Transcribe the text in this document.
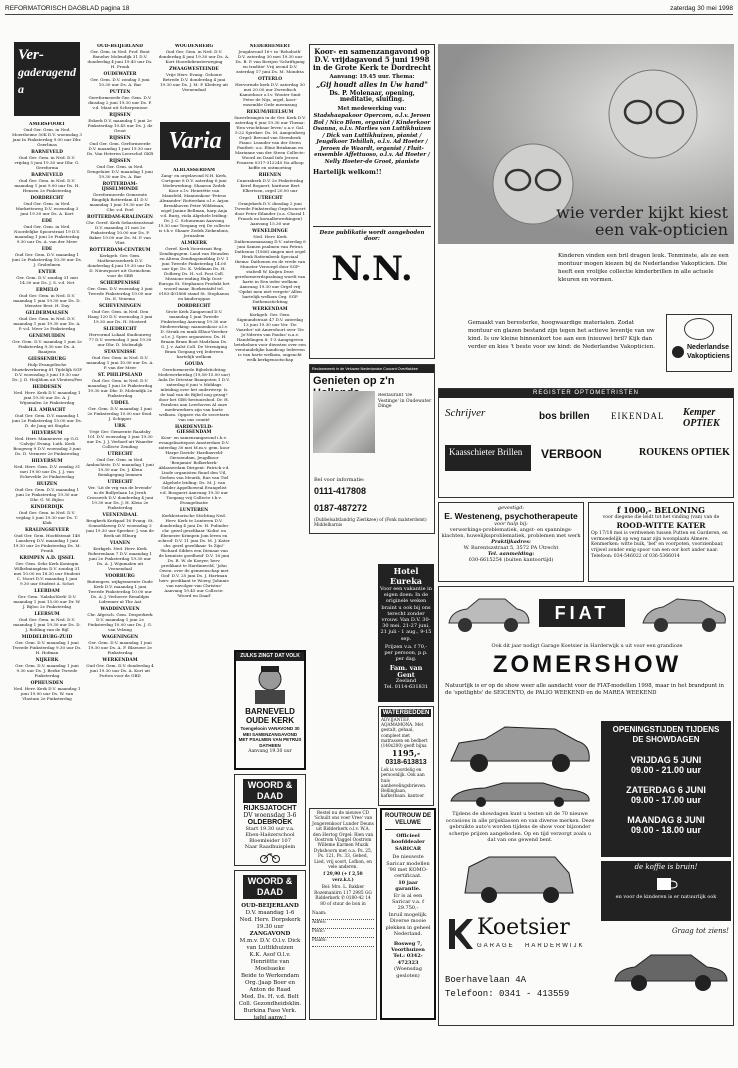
REFORMATORISCH DAGBLAD pagina 18	zaterdag 30 mei 1998
Ver-
gaderagenda
AMERSFOORT
Oud Ger. Gem. in Ned. Moeriheime 50K D.V. woensdag 3 juni In Pinksterdag 9.00 uur Dhr. Geerlinas
BARNEVELD
Oud Ger. Gem. in Ned. D.V. vrijdag 5 juni 19.30 uur Dhr. G. Gereforma
BARNEVELD
Oud Ger. Gem. in Ned. D.V. maandag 1 juni 9.00 uur Ds. H. Hensen 2e Pinksterdag
DORDRECHT
Oud Ger. Gem. in Ned. Markettsweg D.V. woensdag 3 juni 19.30 uur Ds. A. Kort
EDE
Oud Ger. Gem. in Ned. Noordelijke Spoorstraat 19 D.V. maandag 1 juni 2e Pinksterdag 9.30 uur Ds. A. van der Meer
EDE
Oud Ger. Gem. D.V. maandag 1 juni 2e Pinksterdag 10.30 uur Ds. J. Grobelmen
ENTER
Ger. Gem. D.V. zondag 31 mei 14.30 uur Ds. J. S. v.d. Net
ERMELO
Oud Ger. Gem. in Ned. D.V. maandag 1 juni 19.30 uur Ds. D. Menster Best. H. Duy
GELDERMALSEN
Oud Ger. Gem. in Ned. D.V. maandag 1 juni 19.30 uur Ds. A. P. v.d. Meer 2e Pinksterdag
GENEMUIDEN
Ger. Gem. D.V. maandag 1 juni 2e Pinksterdag 9.30 uur Ds. A. Baaijens
GIESSENBURG
Hulp Evangelische Muziekverkering 81 Tijdelijk SGP D.V. woensdag 3 juni 19.30 uur Ds. J. D. Heijblom uit Vleuten/Fen
HEDDESEN
Ned. Herv. Kerk D.V. maandag 1 juni 19.30 uur Ds. A. J. Wijnmalen 2e Pinksterdag
H.I. AMBACHT
Oud Ger. Gem. D.V. maandag 1 juni 2e Pinksterdag 15.00 uur Ds. D. de Jong uit Stapho
HILVERSUM
Ned. Herv. Mannenver. op G.G. 'Calvijn' Evang. Luth. Kerk Boogweg 9 D.V. woensdag 3 juni Ds. D. Vermeer 2e Pinksterdag
HILVERSUM
Ned. Herv. Gem. D.V. zondag 31 mei 19.00 uur Ds. J. J. van Eckevelde 2e Pinksterdag
HUIZEN
Oud Ger. Gem. D.V. maandag 1 juni 2e Pinksterdag 19.30 uur Dhr. G. W. Bijloo
KINDERDIJK
Oud Ger. Gem. in Ned. D.V. vrijdag 5 juni 19.30 uur Ds. T. Klok
KRALINGSEVEER
Oud Ger. Gem. Hoofdstraat 148 Lansberg D.V. maandag 1 juni 19.30 uur 2e Pinksterdag Ds. M. Pronk
KRIMPEN A.D. IJSSEL
Ger. Gem. Sehs Kerk Koningin Wilhelminaplein D.V. zondag 31 mei 10.00 en 18.30 uur Student C. Noort D.V. maandag 1 juni 9.30 uur Student A. Schot
LEERDAM
Ger. Gem. 'Salaba'Kerk' D.V. maandag 1 juni 15.00 uur Dr. W. J. Bijloo 2e Pinksterdag
LEERSUM
Oud Ger. Gem. in Ned. D.V. maandag 1 juni 19.30 uur Ds. D. J. Bolding van de Bijl
MIDDELBURG-ZUID
Ger. Gem. D.V. maandag 1 juni Tweede Pinksterdag 9.30 uur Ds. H. Hofman
NIJKERK
Ger. Gem. D.V. maandag 1 juni 9.30 uur Ds. J. Beeke Tweede Pinksterdag
OPHEUSDEN
Ned. Herv. Kerk D.V. maandag 1 juni 19.00 uur Ds. W. van Vlastum 2e Pinksterdag
OUD-BEIJERLAND
Ger. Gem. in Ned. Prof. Bont Boneluv Molendijk 31 D.V. donderdag 4 juni 19.45 uur Ds. H. Pronk
OUDEWATER
Ger. Gem. D.V. zondag 5 juni 10.30 uur Ds. A. Bar
PUTTEN
Gereformeerde Ger. Gem. D.V. dinsdag 2 juni 19.30 uur Ds. P. v.d. Maat uit Scherpenisse
RIJSSEN
Eskerk D.V. maandag 1 juni 2e Pinksterdag 10.45 uur Ds. J. de Groot
RIJSSEN
Oud Ger. Gem. Gerformeerde D.V. maandag 1 juni 19.30 uur Ds. Van Heteren Leerschol GKR
RIJSSEN
Oud Ger. Gem. in Ned. Dengeluier D.V. maandag 1 juni 19.30 uur Ds. A. Bar
ROTTERDAM-IJSSELMONDE
Gereformeerde Gemeente Ringdijk Rotterdam 41 D.V. maandag 1 juni 19.30 uur Dr. Chr. v.d. Poel
ROTTERDAM-KRALINGEN
Chr. Geref. Kerk Sebastienstraat D.V. maandag 31 mei 2e Pinksterdag 10.00 uur Ds. P. Baker 19.00 uur Ds. M. P. van Vliet
ROTTERDAM-CENTRUM
Kerkgeb. Ger. Gem. Mathenesserkerk D.V. donderdag 4 juni 19.30 uur Ds. D. Nieuwpoort uit Gorinchem voor de SBB
SCHERPENISSE
Ger. Gem. D.V. woensdag 3 juni Tweede Pinksterdag 19.00 uur Ds. E. Venema
SCHEVENINGEN
Oud Ger. Gem. in Ned. Den Haag 120 D.V. woensdag 3 juni 19.30 uur Ds. H. Mosterd
SLIEDRECHT
Hervormd Lokaal Stadionweg 77 D.V. woensdag 3 juni 19.30 uur Dhr. D. Molendijk
STAVENISSE
Oud Ger. Gem. in Ned. D.V. maandag 1 juni 10.00 uur Ds. A. P. van der Meer
ST. PHILIPSLAND
Oud Ger. Gem. in Ned. D.V. maandag 1 juni 2e Pinksterdag 19.30 uur Dhr. D. Molendijk 2e Pinksterdag
UDDEL
Ger. Gem. D.V. maandag 1 juni 2e Pinksterdag 10.00 uur Stud. J. Schipper
URK
Vrije Ger. Gemeente Raadsby 101 D.V. woensdag 3 juni 19.30 uur Ds. J. J. Verhoef uit Waarder Collecte Zending
UTRECHT
Oud Ger. Gem. in Ned. Ambachtstr. D.V. maandag 1 juni 19.30 uur Ds. J. Klein Remkgeging Iemmen
UTRECHT
Ver. 'Lit de vrg van de levende' in de Bullyelaan 1a Jeruh Crossweb D.V. donderdag 4 juni 19.30 uur Ds. J. H. Klein 2e Pinksterdag
VEENENDAAL
Brugkerk Kerkpad 16 Evang. St. Sonneblaweg D.V. woensdag 3 juni 19.30 uur Spreker: J. van de Beek uit Elburg
VIANEN
Kerkgeb. Ned. Herv. Kerk Roberenlaan 7 D.V. maandag 1 juni 2e Pinksterdag 19.30 uur Ds. A. J. Wijnmalen uit Veenendaal
VOORBURG
Buitengew. wijkgemeente Oude Kerk D.V. maandag 1 juni Tweede Pinksterdag 10.00 uur Ds. A. J. Verhoeve Renaldpis Lideemer at The Aat
WADDINXVEEN
Chr. Afgesch. Gem. Desperkerk D.V. maandag 1 juni 2e Pinksterdag 10.00 uur Ds. J. G. van Velzing
WAGENINGEN
Ger. Gem. D.V. maandag 1 juni 19.30 uur Ds. A. F. Blaeuwe 2e Pinksterdag
WERKENDAM
Oud Ger. Gem. D.V. donderdag 4 juni 19.30 uur Ds. A. Kort uit Putten voor de GBD
WOUDENBERG
Oud Ger. Gem. in Ned. D.V. donderdag 4 juni 19.30 uur Ds. A. Kort Hoordidiensterweging
ZWAAGWESTEINDE
Vrije Herv. Evang. Gebouw Betrede D.V. donderdag 4 juni 19.30 uur Ds. J. M. P. Klederg uit Veenendaal
Varia
ALBLASSERDAM
Zang- en orgelavond N.H. Kerk, Cortgene 8 D.V. zaterdag 6 juni Medewerking: Shaaron Zedek Koor o.l.v. Henriëtte van Mansfeld, Mannenkoor 'Petrus Alexander' Rotterdam o.l.v. Arjan Breukhoven Peter Wildeman, orgel Janine Bellman, harp Anja v.d. Burg, viola Algehele leiding: Dr. J. C. Schuurman Aanvang 19.30 uur Toegang vrij De collecte is t.b.v. Shaare Zedek Ziekenhuis, Jeruzalem
ALMKERK
Geref. Kerk Voorstraat Reg. Zendingsgem. Land van Heusden en Altena Zendingsmiddag D.V. 1 juni Tweede Pinksterdag 14.00 uur Spr. Ds. K. Veldman Ds. H. Dolberg Ds. H. v.d. Post Coll. Missions-ending Hulp Oost-Europa St. Stephanos Produkt het woord maar. Boekentafel tel. 0183-401868 stand St. Stephanos en kinderoppas
DORDRECHT
Grote Kerk Zangavond D.V. maandag 1 juni Tweede Pinksterdag Aanvang 19.30 uur Medewerking: mannenkoor o.l.v. D. Struik en mmk Elhuo-Vereber o.l.v. J. Spies organisten: Ds. H. Braam Bram Boot Madrlaan Ds. G. J. v. Aalst Coll. De Vereniging Bram Toegang vrij Iedereen hartelijk welkom
GOUDA
Gereformeerde Bijbelstichting Medewerkerdag (19,58-15.00 uur) Aula De Driestar Baanpoten 1 D.V. zaterdag 6 juni 's Middags inleiding over het onderwerp: Is de taal van de Bijbel nog gezag? door het GBS-bestuursbod. Dr. H. Paraleus aan Leerhoven Al onze medewerkers zijn van harte welkom. Opgave via de secretaris van ons comité
HARDENVELD-GIESSENDAM
Koor- en samenzangavond i.b.v. evangelisatiepost Amsterdam D.V. zaterdag 30 mei M.m.v. gem. koor 'Harpe Davids' Hardinxveld-Giessendam, Jeugdkoor 'Benjamin' Bolkerkerk-Ablasserdam Dirigent: Patrick v.d. Linde organisten Ruud den Uil, Gerben van Meurik, Rue van Tiel Algehele leiding: Ds. M. J. van Gelder Appelhoweal Evangelist v.d. Boogaert Aanvang 19.30 uur Toegang vrij Collecte t.b.v. Evangelisatie
LUNTEREN
Kerkhistorische Stichting Ned. Herv. Kerk te Lunteren D.V. donderdag 4 juni Ds. H. Pulinder chr. gezel gezelikaar 'Kolin! en Ebenezer Krimpen Jom leven en schrod' D.V. 11 juni Ds. M. J. Kater chr. gezel gezelikaar 'Is Zijn!' 'Richard Sibbes een Dienaar van de kenniste goedheid' D.V. 18 juni Ds. R. W. de Koeyer, herv. predikant te Hardinxveld, 'John Owen: over de gemeenschap met God' D.V. 25 juni Ds. J. Hartman herv. predikant te Woerg 'Johnnie van navolger van Christus' Aanvang 19.45 uur Collecte: 'Woord en Daad'
NEDERHEMERT
Jeugdavond 16+ in 'Rehoboth' D.V. zaterdag 30 mei 19.30 uur Ds. B. P. van Boeijen 'Schriftgang en traditie' Vrij avond D.V. zaterdag 17 juni Ds. M. Mondria
OTTERLO
Hervormde kerk D.V. zaterdag 30 mei 20.00 uur Zweedisch Kamerkoor o.l.v. Wouter Smit Peter de Nijs, orgel, koor- ensemble Orde meenzang
REKUM/HEELSUM
Sneerlezingen in de Ger. Kerk D.V. zaterdag 6 juni 19.30 uur Thema: 'Een vruchtbaar leven' o.a.v. Gal. 5:22 Spreker: Ds. M. Aangenberg Orgel: Bevond van Steenbeek Piano: Leander van der Steen Fantbet: o.a. Eline Brinkman en Marianne van der Steen Collecte: Woord en Daad Info Jeroen Franzen 0317-312240 Na afloop koffie en ontmoeting
RHENEN
Cunerakerk D.V. 2e Pinksterdag Kerel Bogaert, baritone Bert Elbertsen, orgel 20.00 uur
UTRECHT
Oranjekerk D.V. dinsdag 2 juni Tweede Pinksterdag Orgelconcert door Peter Eilander (o.a. Choral 1 Franck en koraalbewerkingen) Aanvang 15.30 uur
WENELDINGE
Ned. Herv. Kerk Dathenusmanzang D.V. zaterdag 6 juni Samen psalmen van Petrus Dathenus (1566) zingen met orgel Henk Rattembeek Speciaal thema: Dathenen en de vrede van Munster Verzorgd door SGP-stabedl W. Kuijen Deze gereformeerdspsalmag wordt van harte in Een ieder welkom Aanvang 19.30 uur Orgel vrij 'Opdat men niet vergete' Allen hartelijk welkom Org. SGP Dathensstichting
WERKENDAM
Kerkgeb. Ger. Gem. Sigmundstraat 47 D.V. zaterdag 13 juni 19.30 uur Ver. 'De Vaardor' uit Amersfoort over 'De Jo'Nderen van Paulus' n.a.v. Handelingen 8: 1-3 Aangegeven betekelnen voor diensten over een verstandelijke handicap Iedereen is van harte welkom, ongeacht welk kerkgenootschap
Koor- en samenzangavond op D.V. vrijdagavond 5 juni 1998 in de Grote Kerk te Dordrecht
Aanvang: 19.45 uur. Thema:
„Gij houdt alles in Uw hand"
Ds. P. Molenaar, opening, meditatie, sluiting.
Met medewerking van:
Stadshaapakoor Opercom, o.l.v. Jeroen Bol / Nico Blom, organist / Kinderkoor Osanna, o.l.v. Marlies van Luttikhuizen / Dick van Luttikhuizen, pianist / Jeugdkoor Tehillah, o.l.v. Ad Hoeter / Jeroen de Waardt, organist / Fluit-ensemble Affettuoso, o.l.v. Ad Hoeter / Nelly Hoeter-de Groot, pianiste
Hartelijk welkom!!
Deze publikatie wordt aangeboden door:
N.N.
wie verder kijkt kiest
een vak-opticien
Kinderen vinden een bril dragen leuk. Tenminste, als ze een montuur mogen kiezen bij de Nederlandse Vakopticien. Die heeft een vrolijke collectie kinderbrillen in alle actuele kleuren en vormen.
Gemaakt van beresterke, hoogwaardige materialen. Zodat montuur en glazen bestand zijn tegen het actieve leventje van uw kind. Is uw kleine binnenkort toe aan een (nieuwe) bril? Kijk dan verder en kies 't beste voor uw kind: de Nederlandse Vakopticien.	Nederlandse
Vakopticiens
REGISTER OPTOMETRISTEN
Schrijver	bos brillen	EIKENDAL	Kemper OPTIEK
Kaasschieter Brillen	VERBOON	ROUKENS OPTIEK
Reclamewerk in de Veluwse Nederlandse Courant Overflakkee
Genieten op z'n
Restaurant 'De Vestinge' in Oudewater Dinge
Bel voor informatie:
0111-417808
0187-487272
(Dubbelsabtlandrig Zierikzee) of (Fonk malsterdomt) Middelharnis
gevestigd:
E. Westeneng, psychotherapeute
voor hulp bij:
verwerkings-problematiek, angst- en spannings-klachten, huwelijksproblematiek, problemen met werk
Praktijkadres:
W. Barentszstraat 5, 3572 PA Utrecht
Tel. aanmelding:
030-6615254 (buiten kantoortijd)
f 1000,- BELONING
voor diegene die leidt tot het vinding (van) van de
ROOD-WITTE KATER
Op 17/18 mei is verdwenen tussen Putten en Garderen, en vermoedelijk op weg naar zijn woonplaats Almere. Kenmerken: witte buik, 'bef' en voorpoten, voorzienbaar, vrijwel zonder enig spoor van een oor kort ander naar. Telefoon: 034-546022 of 036-5366014
ZULKS ZINGT DAT VOLK
BARNEVELD OUDE KERK
Toengelooin VANAVOND 30 MEI SAMENZANGAVOND MET PSALMEN VAN PETRUS DATHEEN
Aanvang 19.30 uur
WOORD & DAAD
RIJKSJATOCHT
DV woensdag 3-6
OLDEBROEK
Start 19.30 uur v.a.
Eben-Haëzerschool Bloemleider 107
Naar Raadhuisplein
WOORD & DAAD
OUD-BEIJERLAND
D.V. maandag 1-6
Ned. Herv. Dorpskerk 19.30 uur
ZANGAVOND
M.m.v. D.V. O.l.v. Dick van Luttikhuizen
K.K. Asof O.l.v. Henriëtte van Moelsaeke
Beide to Werkendam Org.:Jaap Boer en Anton de Raad
Med. Ds. H. v.d. Belt Coll. Gezondheidsklin. Burkina Faso Verk. tafel aanw.!
Hotel Eureka
Voor een vakantie in eigen doen: In de originele weken braint u ook bij ons terecht zonder vrouw. Van D.V. 30-30 mei. 21-27 juni, 21 juli - 1 aug., 9-15 sep.
Prijzen v.a. f 70,- per persoon, p.p. per dag.
Fam. van Gent
Zeeland
Tel. 0114-631831
WATERBEDDEN
ADVIJANTEF, AQAMAMONA. Met gestalt, gehaal, compleet met matrassen en bedbert (140x200) geeft bijna
1195,-
0318-613813
Lok is voordelig en persoonlijk. Ook aan huis aanbevelingsbrieven. Bellinglaan, kafkerbaan. kantoor
Bestel nu de nieuwe CD 'Schuilt ons voer Vree' van Jongerenkoor Lunder Deuns uit Ridderkerk o.l.v. W.A. den Hertog Orgel: Rien van Oostrom Vlaggel Oostrom Willeme Karmen Muzik Dykshoorn met o.a. Ps. 25, Ps. 121, Ps. 33, Gebed, Lied, vrij soort, Lofkon, en vele anderen.
f 29,90 (+ f 2,50 verz.k.t.)
Bel: Mrs. L. Bakker Rozemaniirn 117 2985 GG Ridderkerk ✆ 0180-42 14 80 of stuur de bon in
Naam:
Adres:
Postc:
Plaats:
ROUTROUW DE VELUWE
Officieel hoofddealer SARICAR
De nieuwste Saricar modellen '98 met KOMO-certificaat.
10 jaar garantie.
Er is al een Saricar v.a. f 29.750,-
Inruil mogelijk. Diverse mooie plekken in geheel Nederland.
Bosweg 7, Voorthuizen
Tel.: 0342-472323
(Woensdag gesloten)
FIAT
Ook dit jaar nodigt Garage Koetsier in Harderwijk u uit voor een grandioze
ZOMERSHOW
Natuurlijk is er op de show weer alle aandacht voor de FIAT-modellen 1998, maar in het brandpunt in de 'spotlights' de SEICENTO, de PALIO WEEKEND en de MAREA WEEKEND
OPENINGSTIJDEN TIJDENS DE SHOWDAGEN
VRIJDAG 5 JUNI
09.00 - 21.00 uur
ZATERDAG 6 JUNI
09.00 - 17.00 uur
MAANDAG 8 JUNI
09.00 - 18.00 uur
Tijdens de showdagen kunt u testen uit de 70 nieuwe occasions in alle prijsklassen en van diverse merken. Deze gebruikte auto's worden tijdens de show voor bijzonder scherpe prijzen aangeboden. Op en tijd verzorgt zoals u dat van ons gewend bent.
de koffie is bruin!
en voor de kinderen is er natuurlijk ook
Graag tot ziens!
Koetsier
HARDERWIJK
GARAGE
Boerhavelaan 4A
Telefoon: 0341 - 413559
